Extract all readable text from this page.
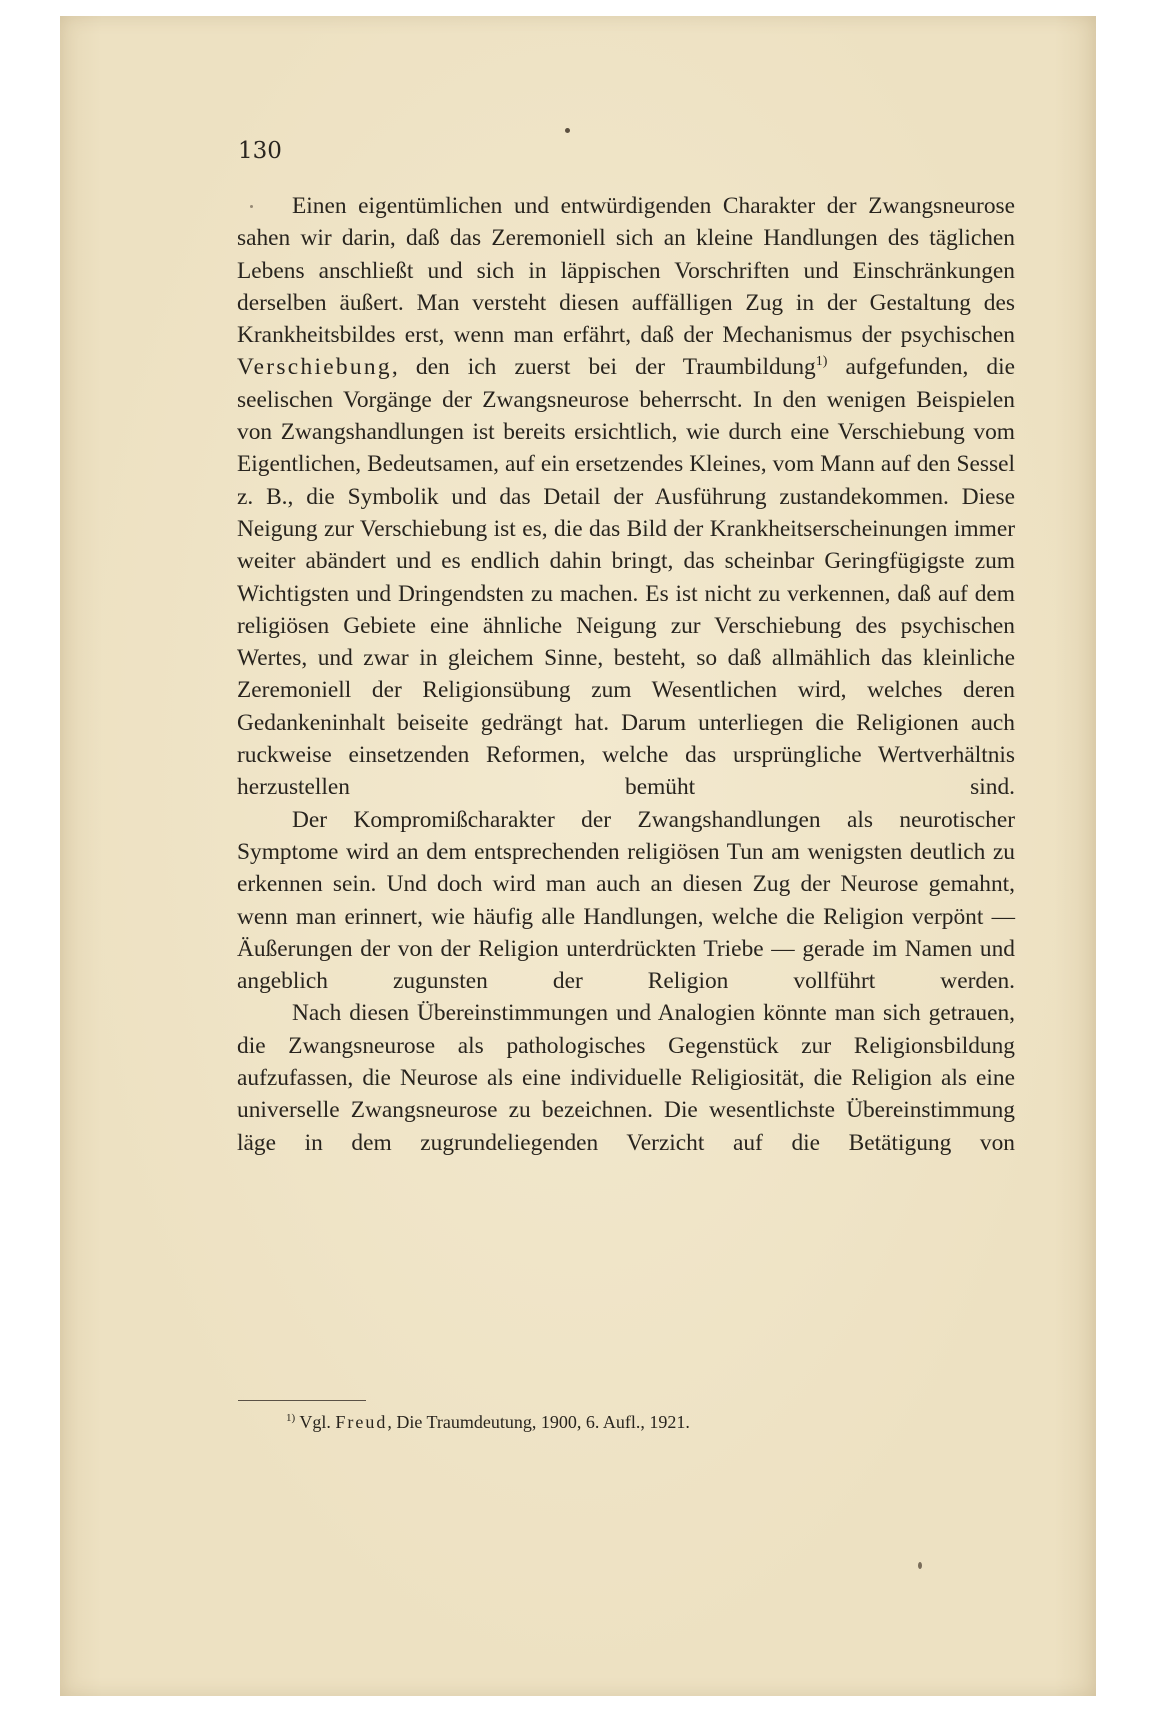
130

Einen eigentümlichen und entwürdigenden Charakter der Zwangsneurose sahen wir darin, daß das Zeremoniell sich an kleine Handlungen des täglichen Lebens anschließt und sich in läppischen Vorschriften und Einschränkungen derselben äußert. Man versteht diesen auffälligen Zug in der Gestaltung des Krankheitsbildes erst, wenn man erfährt, daß der Mechanismus der psychischen Verschiebung, den ich zuerst bei der Traumbildung$^{1)}$ aufgefunden, die seelischen Vorgänge der Zwangsneurose beherrscht. In den wenigen Beispielen von Zwangshandlungen ist bereits ersichtlich, wie durch eine Verschiebung vom Eigentlichen, Bedeutsamen, auf ein ersetzendes Kleines, vom Mann auf den Sessel z. B., die Symbolik und das Detail der Ausführung zustandekommen. Diese Neigung zur Verschiebung ist es, die das Bild der Krankheitserscheinungen immer weiter abändert und es endlich dahin bringt, das scheinbar Geringfügigste zum Wichtigsten und Dringendsten zu machen. Es ist nicht zu verkennen, daß auf dem religiösen Gebiete eine ähnliche Neigung zur Verschiebung des psychischen Wertes, und zwar in gleichem Sinne, besteht, so daß allmählich das kleinliche Zeremoniell der Religionsübung zum Wesentlichen wird, welches deren Gedankeninhalt beiseite gedrängt hat. Darum unterliegen die Religionen auch ruckweise einsetzenden Reformen, welche das ursprüngliche Wertverhältnis herzustellen bemüht sind.

Der Kompromißcharakter der Zwangshandlungen als neurotischer Symptome wird an dem entsprechenden religiösen Tun am wenigsten deutlich zu erkennen sein. Und doch wird man auch an diesen Zug der Neurose gemahnt, wenn man erinnert, wie häufig alle Handlungen, welche die Religion verpönt — Äußerungen der von der Religion unterdrückten Triebe — gerade im Namen und angeblich zugunsten der Religion vollführt werden.

Nach diesen Übereinstimmungen und Analogien könnte man sich getrauen, die Zwangsneurose als pathologisches Gegenstück zur Religionsbildung aufzufassen, die Neurose als eine individuelle Religiosität, die Religion als eine universelle Zwangsneurose zu bezeichnen. Die wesentlichste Übereinstimmung läge in dem zugrundeliegenden Verzicht auf die Betätigung von

$^{1)}$ Vgl. Freud, Die Traumdeutung, 1900, 6. Aufl., 1921.
